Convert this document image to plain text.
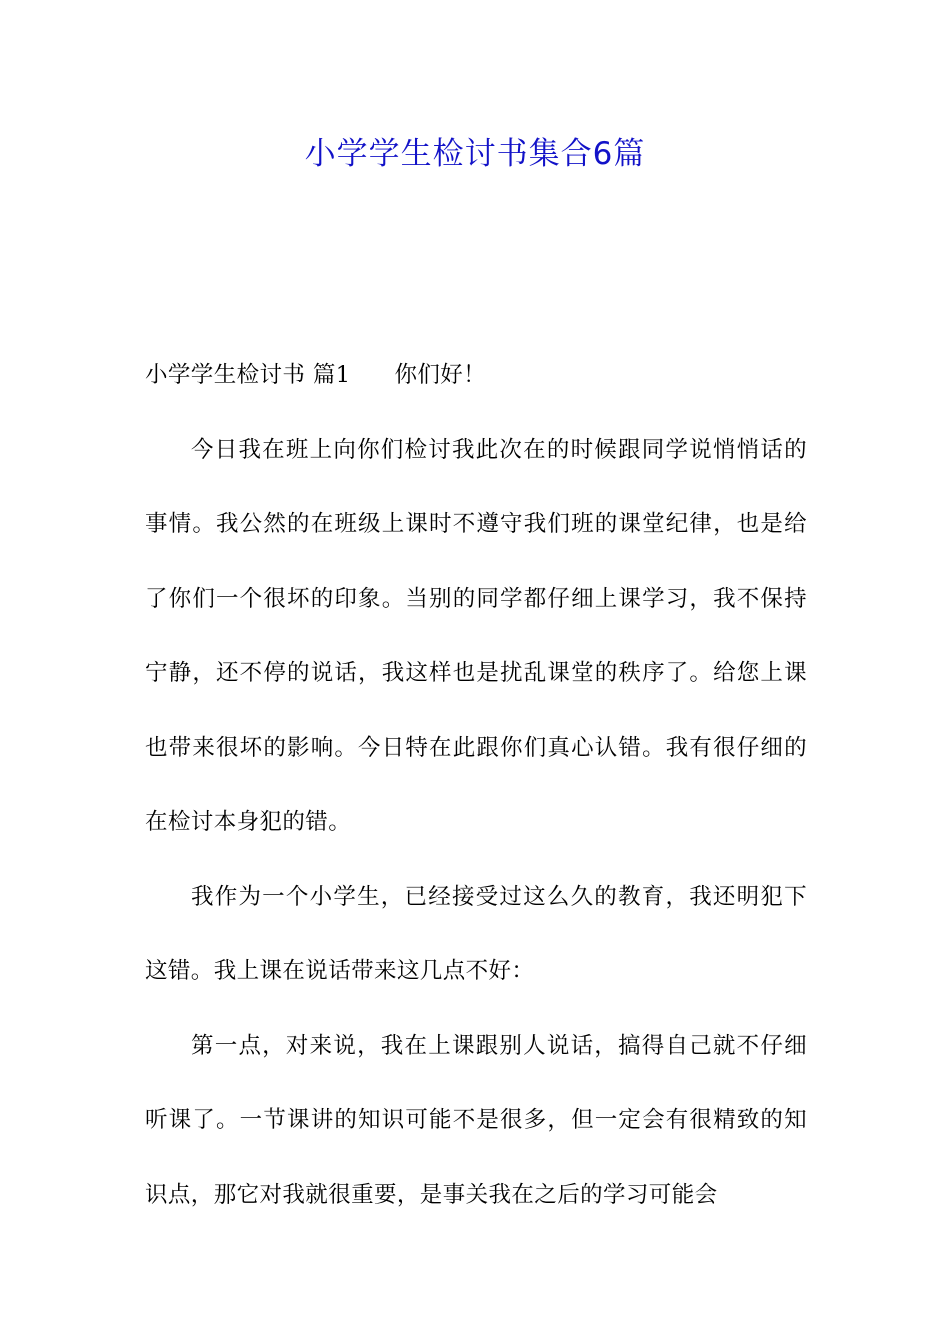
小学学生检讨书集合6篇

小学学生检讨书 篇1 你们好！

今日我在班上向你们检讨我此次在的时候跟同学说悄悄话的事情。我公然的在班级上课时不遵守我们班的课堂纪律，也是给了你们一个很坏的印象。当别的同学都仔细上课学习，我不保持宁静，还不停的说话，我这样也是扰乱课堂的秩序了。给您上课也带来很坏的影响。今日特在此跟你们真心认错。我有很仔细的在检讨本身犯的错。

我作为一个小学生，已经接受过这么久的教育，我还明犯下这错。我上课在说话带来这几点不好：

第一点，对来说，我在上课跟别人说话，搞得自己就不仔细听课了。一节课讲的知识可能不是很多，但一定会有很精致的知识点，那它对我就很重要，是事关我在之后的学习可能会
